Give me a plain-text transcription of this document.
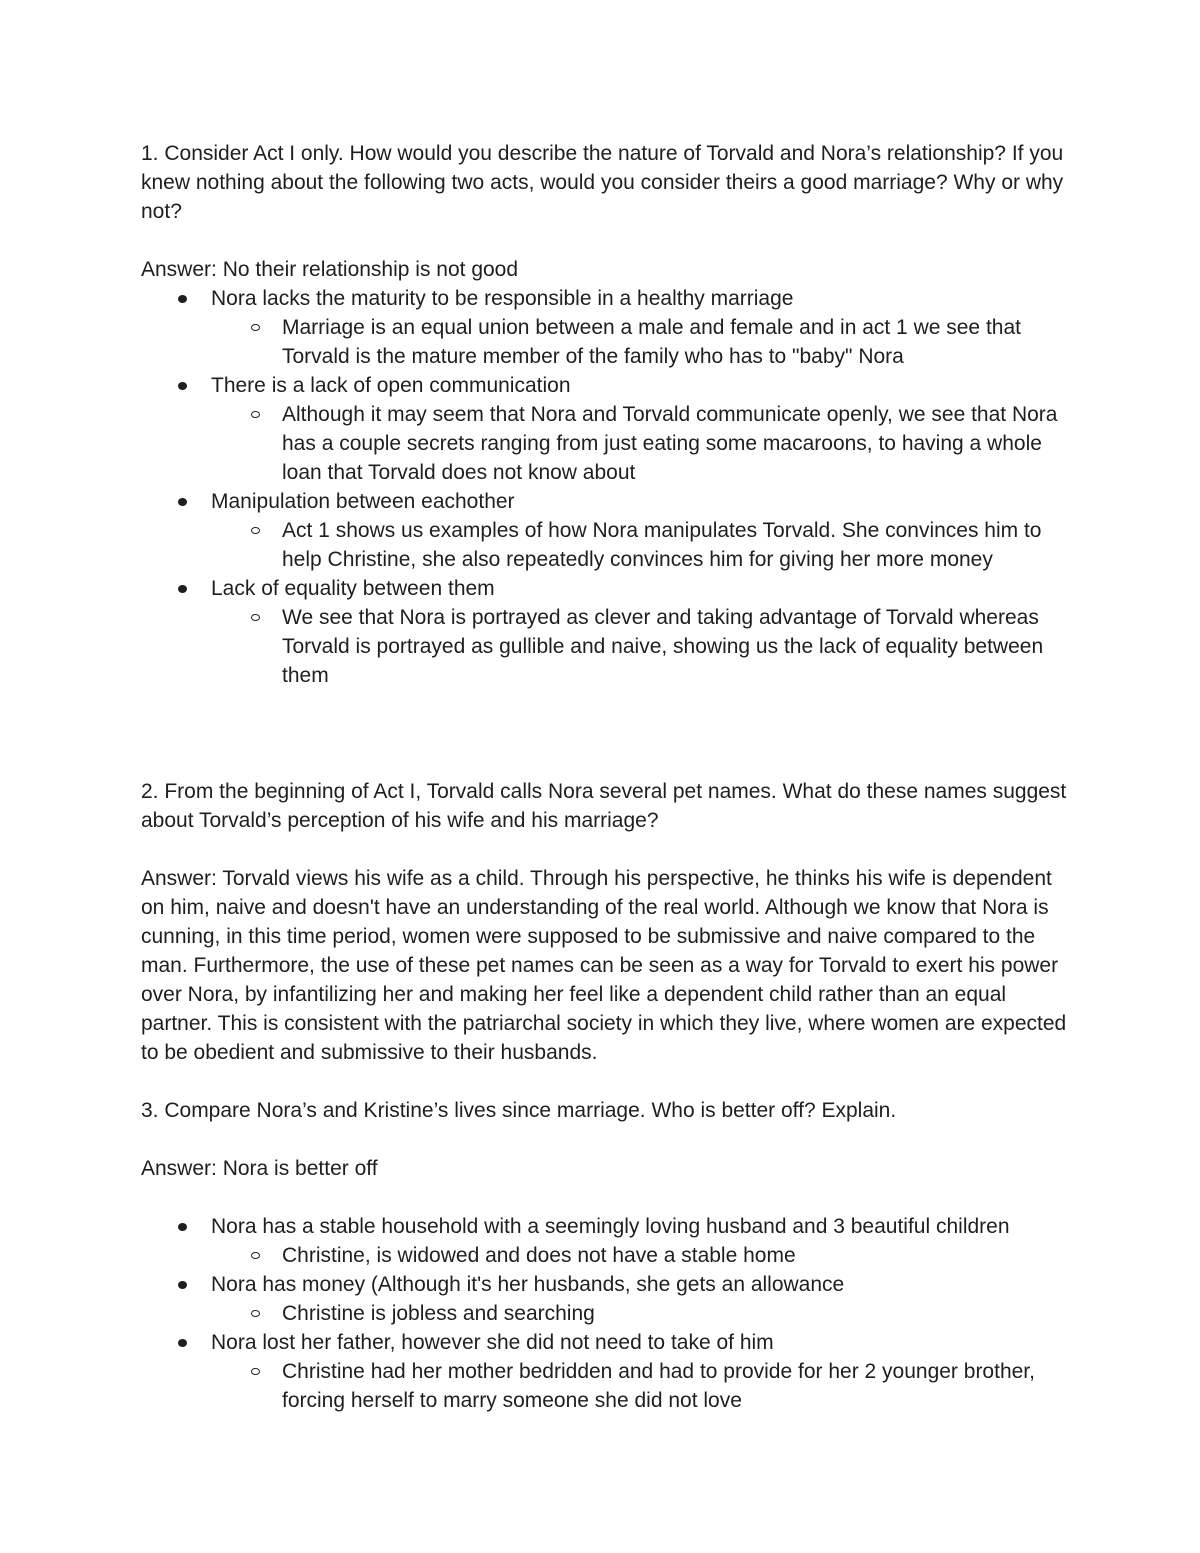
1. Consider Act I only. How would you describe the nature of Torvald and Nora’s relationship? If you knew nothing about the following two acts, would you consider theirs a good marriage? Why or why not?

Answer: No their relationship is not good

Nora lacks the maturity to be responsible in a healthy marriage
Marriage is an equal union between a male and female and in act 1 we see that Torvald is the mature member of the family who has to "baby" Nora
There is a lack of open communication
Although it may seem that Nora and Torvald communicate openly, we see that Nora has a couple secrets ranging from just eating some macaroons, to having a whole loan that Torvald does not know about
Manipulation between eachother
Act 1 shows us examples of how Nora manipulates Torvald. She convinces him to help Christine, she also repeatedly convinces him for giving her more money
Lack of equality between them
We see that Nora is portrayed as clever and taking advantage of Torvald whereas Torvald is portrayed as gullible and naive, showing us the lack of equality between them

2. From the beginning of Act I, Torvald calls Nora several pet names. What do these names suggest about Torvald’s perception of his wife and his marriage?

Answer: Torvald views his wife as a child. Through his perspective, he thinks his wife is dependent on him, naive and doesn't have an understanding of the real world. Although we know that Nora is cunning, in this time period, women were supposed to be submissive and naive compared to the man. Furthermore, the use of these pet names can be seen as a way for Torvald to exert his power over Nora, by infantilizing her and making her feel like a dependent child rather than an equal partner. This is consistent with the patriarchal society in which they live, where women are expected to be obedient and submissive to their husbands.

3. Compare Nora’s and Kristine’s lives since marriage. Who is better off? Explain.

Answer: Nora is better off

Nora has a stable household with a seemingly loving husband and 3 beautiful children
Christine, is widowed and does not have a stable home
Nora has money (Although it's her husbands, she gets an allowance
Christine is jobless and searching
Nora lost her father, however she did not need to take of him
Christine had her mother bedridden and had to provide for her 2 younger brother, forcing herself to marry someone she did not love
